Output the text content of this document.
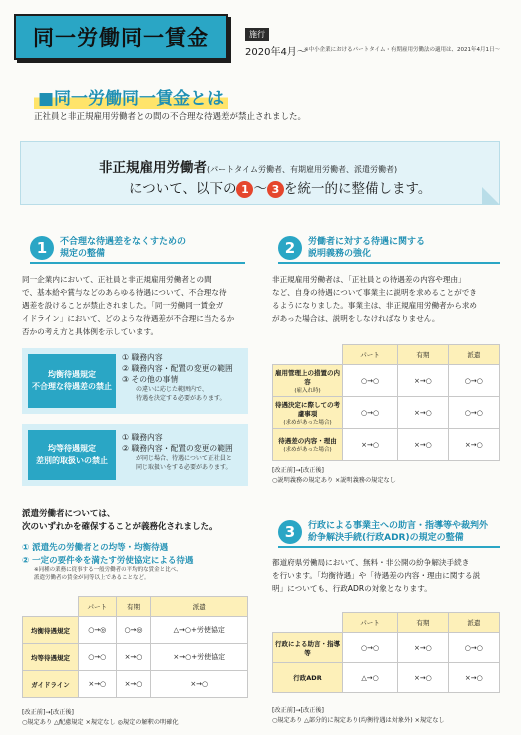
同一労働同一賃金	施行
2020年4月〜
※中小企業におけるパートタイム・有期雇用労働法の適用は、2021年4月1日〜
■同一労働同一賃金とは
正社員と非正規雇用労働者との間の不合理な待遇差が禁止されました。
非正規雇用労働者(パートタイム労働者、有期雇用労働者、派遣労働者)
について、以下の 1 〜 3 を統一的に整備します。
1	不合理な待遇差をなくすための
規定の整備
同一企業内において、正社員と非正規雇用労働者との間
で、基本給や賞与などのあらゆる待遇について、不合理な待
遇差を設けることが禁止されました。「同一労働同一賃金ガ
イドライン」において、どのような待遇差が不合理に当たるか
否かの考え方と具体例を示しています。
均衡待遇規定
不合理な待遇差の禁止
① 職務内容
② 職務内容・配置の変更の範囲
③ その他の事情
の違いに応じた範囲内で、
待遇を決定する必要があります。
均等待遇規定
差別的取扱いの禁止
① 職務内容
② 職務内容・配置の変更の範囲
が同じ場合、待遇について正社員と
同じ取扱いをする必要があります。
派遣労働者については、
次のいずれかを確保することが義務化されました。
① 派遣先の労働者との均等・均衡待遇
② 一定の要件※を満たす労使協定による待遇
※同種の業務に従事する一般労働者の平均的な賃金と比べ、
派遣労働者の賃金が同等以上であることなど。
	パート	有期	派遣
均衡待遇規定	○→◎	○→◎	△→○+労使協定
均等待遇規定	○→○	×→○	×→○+労使協定
ガイドライン	×→○	×→○	×→○
[改正前]→[改正後]
○規定あり △配慮規定 ×規定なし ◎規定の解釈の明確化
2	労働者に対する待遇に関する
説明義務の強化
非正規雇用労働者は、「正社員との待遇差の内容や理由」
など、自身の待遇について事業主に説明を求めることができ
るようになりました。事業主は、非正規雇用労働者から求め
があった場合は、説明をしなければなりません。
	パート	有期	派遣

雇用管理上の措置の内容
(雇入れ時)	○→○	×→○	○→○

待遇決定に際しての考慮事項
(求めがあった場合)	○→○	×→○	○→○

待遇差の内容・理由
(求めがあった場合)	×→○	×→○	×→○
[改正前]→[改正後]
○説明義務の規定あり ×説明義務の規定なし
3	行政による事業主への助言・指導等や裁判外
紛争解決手続(行政ADR)の規定の整備
都道府県労働局において、無料・非公開の紛争解決手続き
を行います。「均衡待遇」や「待遇差の内容・理由に関する説
明」についても、行政ADRの対象となります。
	パート	有期	派遣
行政による助言・指導等	○→○	×→○	○→○
行政ADR	△→○	×→○	×→○
[改正前]→[改正後]
○規定あり △部分的に規定あり(均衡待遇は対象外) ×規定なし
